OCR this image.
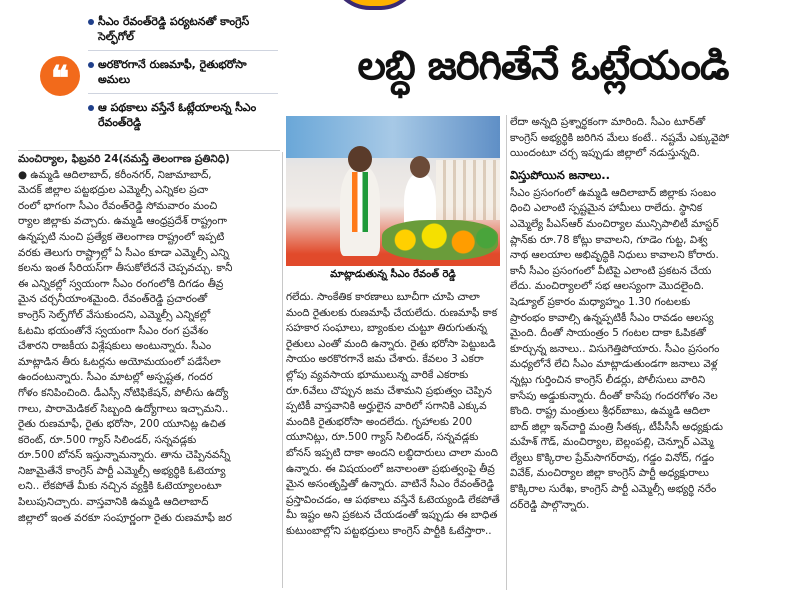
❝
సీఎం రేవంత్‌రెడ్డి పర్యటనతో కాంగ్రెస్ సెల్ఫ్‌గోల్
అరకొరగానే రుణమాఫీ, రైతుభరోసా అమలు
ఆ పథకాలు వస్తేనే ఓట్లేయాలన్న సీఎం రేవంత్‌రెడ్డి
లబ్ధి జరిగితేనే ఓట్లేయండి
మాట్లాడుతున్న సీఎం రేవంత్ రెడ్డి

మంచిర్యాల, ఫిబ్రవరి 24(నమస్తే తెలంగాణ ప్రతినిధి)

● ఉమ్మడి ఆదిలాబాద్, కరీంనగర్, నిజామాబాద్,

మెదక్ జిల్లాల పట్టభద్రుల ఎమ్మెల్సీ ఎన్నికల ప్రచా

రంలో భాగంగా సీఎం రేవంత్‌రెడ్డి సోమవారం మంచి

ర్యాల జిల్లాకు వచ్చారు. ఉమ్మడి ఆంధ్రప్రదేశ్ రాష్ట్రంగా

ఉన్నప్పటి నుంచి ప్రత్యేక తెలంగాణ రాష్ట్రంలో ఇప్పటి

వరకు తెలుగు రాష్ట్రాల్లో ఏ సీఎం కూడా ఎమ్మెల్సీ ఎన్ని

కలను ఇంత సీరియస్‌గా తీసుకోలేదనే చెప్పవచ్చు. కానీ

ఈ ఎన్నికల్లో స్వయంగా సీఎం రంగంలోకి దిగడం తీవ్ర

మైన చర్చనీయాంశమైంది. రేవంత్‌రెడ్డి ప్రచారంతో

కాంగ్రెస్ సెల్ఫ్‌గోల్ వేసుకుందని, ఎమ్మెల్సీ ఎన్నికల్లో

ఓటమి భయంతోనే స్వయంగా సీఎం రంగ ప్రవేశం

చేశారని రాజకీయ విశ్లేషకులు అంటున్నారు. సీఎం

మాట్లాడిన తీరు ఓటర్లను అయోమయంలో పడేసేలా

ఉందంటున్నారు. సీఎం మాటల్లో అస్పష్టత, గందర

గోళం కనిపించింది. డీఎస్సీ నోటిఫికేషన్, పోలీసు ఉద్యో

గాలు, పారామెడికల్ సిబ్బంది ఉద్యోగాలు ఇచ్చామని..

రైతు రుణమాఫీ, రైతు భరోసా, 200 యూనిట్ల ఉచిత

కరెంట్, రూ.500 గ్యాస్ సిలిండర్, సన్నవడ్లకు

రూ.500 బోనస్ ఇస్తున్నామన్నారు. తాను చెప్పినవన్నీ

నిజామైతేనే కాంగ్రెస్ పార్టీ ఎమ్మెల్సీ అభ్యర్థికి ఓటెయ్యా

లని.. లేకపోతే మీకు నచ్చిన వ్యక్తికి ఓటెయ్యాలంటూ

పిలుపునిచ్చారు. వాస్తవానికి ఉమ్మడి ఆదిలాబాద్

జిల్లాలో ఇంత వరకూ సంపూర్ణంగా రైతు రుణమాఫీ జర

గలేదు. సాంకేతిక కారణాలు బూచీగా చూపి చాలా

మంది రైతులకు రుణమాఫీ చేయలేదు. రుణమాఫీ కాక

సహకార సంఘాలు, బ్యాంకుల చుట్టూ తిరుగుతున్న

రైతులు ఎంతో మంది ఉన్నారు. రైతు భరోసా పెట్టుబడి

సాయం అరకొరగానే జమ చేశారు. కేవలం 3 ఎకరా

ల్లోపు వ్యవసాయ భూములున్న వారికే ఎకరాకు

రూ.6వేలు చొప్పున జమ చేశామని ప్రభుత్వం చెప్పిన

ప్పటికీ వాస్తవానికి అర్హులైన వారిలో సగానికి ఎక్కువ

మందికి రైతుభరోసా అందలేదు. గృహాలకు 200

యూనిట్లు, రూ.500 గ్యాస్ సిలిండర్, సన్నవడ్లకు

బోనస్ ఇప్పటి దాకా అందని లబ్ధిదారులు చాలా మంది

ఉన్నారు. ఈ విషయంలో జనాలంతా ప్రభుత్వంపై తీవ్ర

మైన అసంతృప్తితో ఉన్నారు. వాటినే సీఎం రేవంత్‌రెడ్డి

ప్రస్తావించడం, ఆ పథకాలు వస్తేనే ఓటెయ్యండి లేకపోతే

మీ ఇష్టం అని ప్రకటన చేయడంతో ఇప్పుడు ఈ బాధిత

కుటుంబాల్లోని పట్టభద్రులు కాంగ్రెస్ పార్టీకి ఓటేస్తారా..

లేదా అన్నది ప్రశ్నార్థకంగా మారింది. సీఎం టూర్‌తో

కాంగ్రెస్ అభ్యర్థికి జరిగిన మేలు కంటే.. నష్టమే ఎక్కువైపో

యిందంటూ చర్చ ఇప్పుడు జిల్లాలో నడుస్తున్నది.

విస్తుపోయిన జనాలు..

సీఎం ప్రసంగంలో ఉమ్మడి ఆదిలాబాద్ జిల్లాకు సంబం

ధించి ఎలాంటి స్పష్టమైన హామీలు రాలేదు. స్థానిక

ఎమ్మెల్యే పీఎస్ఆర్ మంచిర్యాల మున్సిపాలిటీ మాస్టర్

ప్లాన్‌కు రూ.78 కోట్లు కావాలని, గూడెం గుట్ట, విశ్వ

నాథ ఆలయాల అభివృద్ధికి నిధులు కావాలని కోరారు.

కానీ సీఎం ప్రసంగంలో వీటిపై ఎలాంటి ప్రకటన చేయ

లేదు. మంచిర్యాలలో సభ ఆలస్యంగా మొదలైంది.

షెడ్యూల్ ప్రకారం మధ్యాహ్నం 1.30 గంటలకు

ప్రారంభం కావాల్సి ఉన్నప్పటికీ సీఎం రావడం ఆలస్య

మైంది. దీంతో సాయంత్రం 5 గంటల దాకా ఓపికతో

కూర్చున్న జనాలు.. విసుగెత్తిపోయారు. సీఎం ప్రసంగం

మధ్యలోనే లేచి సీఎం మాట్లాడుతుండగా జనాలు వెళ్ల

న్నట్లు గుర్తించిన కాంగ్రెస్ లీడర్లు, పోలీసులు వారిని

కాసేపు అడ్డుకున్నారు. దీంతో కాసేపు గందరగోళం నెల

కొంది. రాష్ట్ర మంత్రులు శ్రీధర్‌బాబు, ఉమ్మడి ఆదిలా

బాద్ జిల్లా ఇన్‌చార్జి మంత్రి సీతక్క, టీపీసీసీ అధ్యక్షుడు

మహేశ్ గౌడ్, మంచిర్యాల, బెల్లంపల్లి, చెన్నూర్ ఎమ్మె

ల్యేలు కొక్కిరాల ప్రేమ్‌సాగర్‌రావు, గడ్డం వినోద్, గడ్డం

వివేక్, మంచిర్యాల జిల్లా కాంగ్రెస్ పార్టీ అధ్యక్షురాలు

కొక్కిరాల సురేఖ, కాంగ్రెస్ పార్టీ ఎమ్మెల్సీ అభ్యర్థి నరేం

దర్‌రెడ్డి పాల్గొన్నారు.
